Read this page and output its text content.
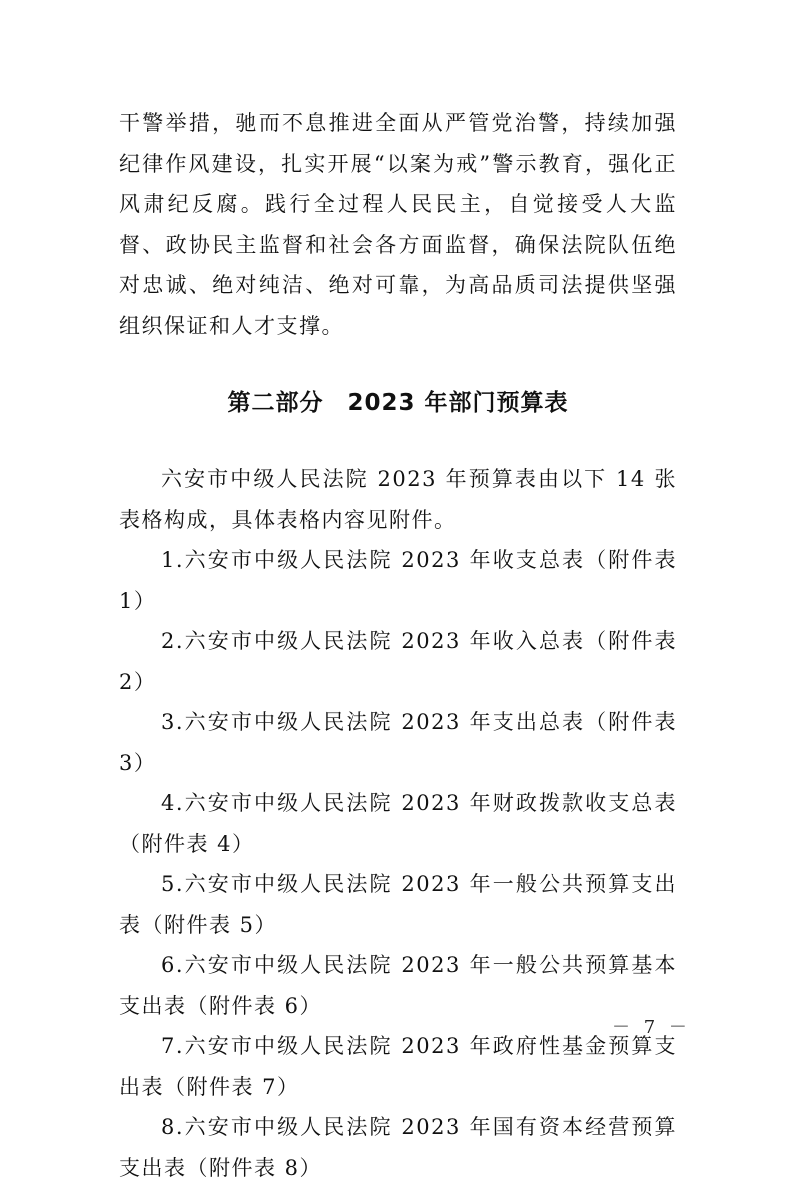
干警举措，驰而不息推进全面从严管党治警，持续加强纪律作风建设，扎实开展“以案为戒”警示教育，强化正风肃纪反腐。践行全过程人民民主，自觉接受人大监督、政协民主监督和社会各方面监督，确保法院队伍绝对忠诚、绝对纯洁、绝对可靠，为高品质司法提供坚强组织保证和人才支撑。

第二部分 2023 年部门预算表

六安市中级人民法院 2023 年预算表由以下 14 张表格构成，具体表格内容见附件。

1.六安市中级人民法院 2023 年收支总表（附件表 1）

2.六安市中级人民法院 2023 年收入总表（附件表 2）

3.六安市中级人民法院 2023 年支出总表（附件表 3）

4.六安市中级人民法院 2023 年财政拨款收支总表（附件表 4）

5.六安市中级人民法院 2023 年一般公共预算支出表（附件表 5）

6.六安市中级人民法院 2023 年一般公共预算基本支出表（附件表 6）

7.六安市中级人民法院 2023 年政府性基金预算支出表（附件表 7）

8.六安市中级人民法院 2023 年国有资本经营预算支出表（附件表 8）

－ 7 －
